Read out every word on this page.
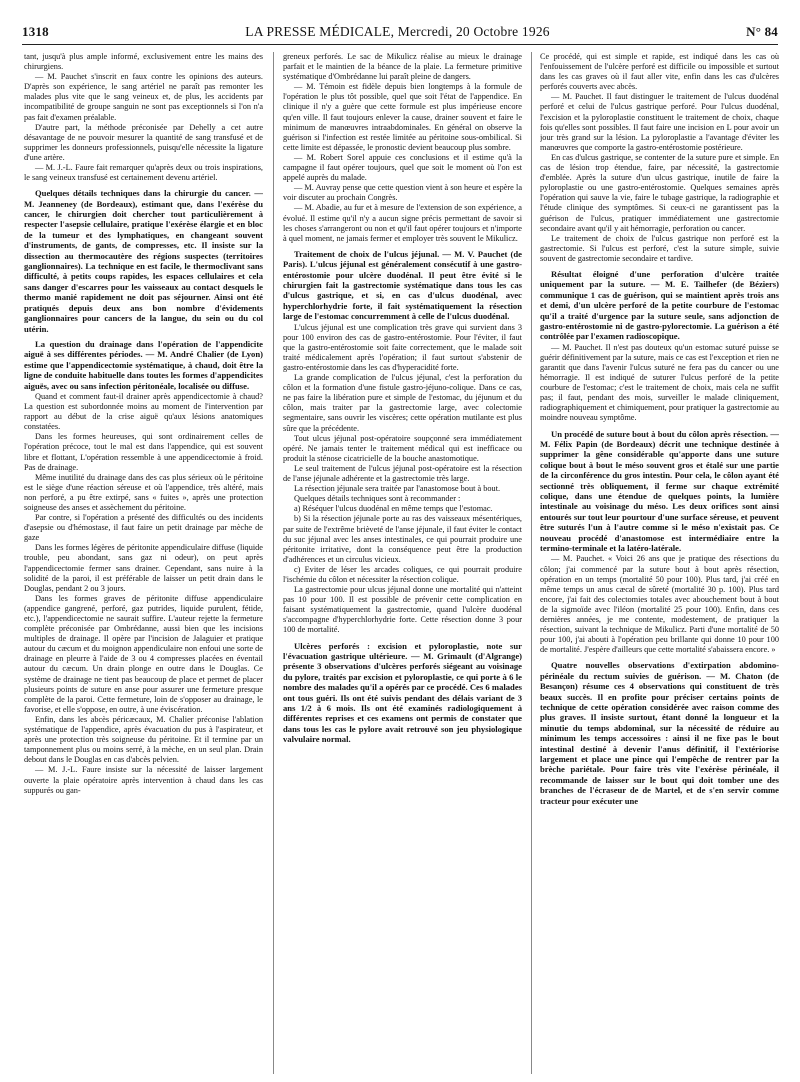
1318	LA PRESSE MÉDICALE, Mercredi, 20 Octobre 1926	N° 84

tant, jusqu'à plus ample informé, exclusivement entre les mains des chirurgiens.

— M. Pauchet s'inscrit en faux contre les opinions des auteurs. D'après son expérience, le sang artériel ne paraît pas remonter les malades plus vite que le sang veineux et, de plus, les accidents par incompatibilité de groupe sanguin ne sont pas exceptionnels si l'on n'a pas fait d'examen préalable.

D'autre part, la méthode préconisée par Dehelly a cet autre désavantage de ne pouvoir mesurer la quantité de sang transfusé et de supprimer les donneurs professionnels, puisqu'elle nécessite la ligature d'une artère.

— M. J.-L. Faure fait remarquer qu'après deux ou trois inspirations, le sang veineux transfusé est certainement devenu artériel.

Quelques détails techniques dans la chirurgie du cancer. — M. Jeanneney (de Bordeaux), estimant que, dans l'exérèse du cancer, le chirurgien doit chercher tout particulièrement à respecter l'asepsie cellulaire, pratique l'exérèse élargie et en bloc de la tumeur et des lymphatiques, en changeant souvent d'instruments, de gants, de compresses, etc. Il insiste sur la dissection au thermocautère des régions suspectes (territoires ganglionnaires). La technique en est facile, le thermoclivant sans difficulté, à petits coups rapides, les espaces cellulaires et cela sans danger d'escarres pour les vaisseaux au contact desquels le thermo manié rapidement ne doit pas séjourner. Ainsi ont été pratiqués depuis deux ans bon nombre d'évidements ganglionnaires pour cancers de la langue, du sein ou du col utérin.
La question du drainage dans l'opération de l'appendicite aiguë à ses différentes périodes. — M. André Chalier (de Lyon) estime que l'appendicectomie systématique, à chaud, doit être la ligne de conduite habituelle dans toutes les formes d'appendicites aiguës, avec ou sans infection péritonéale, localisée ou diffuse.

Quand et comment faut-il drainer après appendicectomie à chaud? La question est subordonnée moins au moment de l'intervention par rapport au début de la crise aiguë qu'aux lésions anatomiques constatées.

Dans les formes heureuses, qui sont ordinairement celles de l'opération précoce, tout le mal est dans l'appendice, qui est souvent libre et flottant, L'opération ressemble à une appendicectomie à froid. Pas de drainage.

Même inutilité du drainage dans des cas plus sérieux où le péritoine est le siège d'une réaction séreuse et où l'appendice, très altéré, mais non perforé, a pu être extirpé, sans « fuites », après une protection soigneuse des anses et assèchement du péritoine.

Par contre, si l'opération a présenté des difficultés ou des incidents d'asepsie ou d'hémostase, il faut faire un petit drainage par mèche de gaze

Dans les formes légères de péritonite appendiculaire diffuse (liquide trouble, peu abondant, sans gaz ni odeur), on peut après l'appendicectomie fermer sans drainer. Cependant, sans nuire à la solidité de la paroi, il est préférable de laisser un petit drain dans le Douglas, pendant 2 ou 3 jours.

Dans les formes graves de péritonite diffuse appendiculaire (appendice gangrené, perforé, gaz putrides, liquide purulent, fétide, etc.), l'appendicectomie ne saurait suffire. L'auteur rejette la fermeture complète préconisée par Ombrédanne, aussi bien que les incisions multiples de drainage. Il opère par l'incision de Jalaguier et pratique autour du cæcum et du moignon appendiculaire non enfoui une sorte de drainage en pleurre à l'aide de 3 ou 4 compresses placées en éventail autour du cæcum. Un drain plonge en outre dans le Douglas. Ce système de drainage ne tient pas beaucoup de place et permet de placer plusieurs points de suture en anse pour assurer une fermeture presque complète de la paroi. Cette fermeture, loin de s'opposer au drainage, le favorise, et elle s'oppose, en outre, à une éviscération.

Enfin, dans les abcès péricæcaux, M. Chalier préconise l'ablation systématique de l'appendice, après évacuation du pus à l'aspirateur, et après une protection très soigneuse du péritoine. Et il termine par un tamponnement plus ou moins serré, à la mèche, en un seul plan. Drain debout dans le Douglas en cas d'abcès pelvien.

— M. J.-L. Faure insiste sur la nécessité de laisser largement ouverte la plaie opératoire après intervention à chaud dans les cas suppurés ou gan-

greneux perforés. Le sac de Mikulicz réalise au mieux le drainage parfait et le maintien de la béance de la plaie. La fermeture primitive systématique d'Ombrédanne lui paraît pleine de dangers.

— M. Témoin est fidèle depuis bien longtemps à la formule de l'opération le plus tôt possible, quel que soit l'état de l'appendice. En clinique il n'y a guère que cette formule est plus impérieuse encore qu'en ville. Il faut toujours enlever la cause, drainer souvent et faire le minimum de manœuvres intraabdominales. En général on observe la guérison si l'infection est restée limitée au péritoine sous-ombilical. Si cette limite est dépassée, le pronostic devient beaucoup plus sombre.

— M. Robert Sorel appuie ces conclusions et il estime qu'à la campagne il faut opérer toujours, quel que soit le moment où l'on est appelé auprès du malade.

— M. Auvray pense que cette question vient à son heure et espère la voir discuter au prochain Congrès.

— M. Abadie, au fur et à mesure de l'extension de son expérience, a évolué. Il estime qu'il n'y a aucun signe précis permettant de savoir si les choses s'arrangeront ou non et qu'il faut opérer toujours et n'importe à quel moment, ne jamais fermer et employer très souvent le Mikulicz.

Traitement de choix de l'ulcus jéjunal. — M. V. Pauchet (de Paris). L'ulcus jéjunal est généralement consécutif à une gastro-entérostomie pour ulcère duodénal. Il peut être évité si le chirurgien fait la gastrectomie systématique dans tous les cas d'ulcus gastrique, et si, en cas d'ulcus duodénal, avec hyperchlorhydrie forte, il fait systématiquement la résection large de l'estomac concurremment à celle de l'ulcus duodénal.

L'ulcus jéjunal est une complication très grave qui survient dans 3 pour 100 environ des cas de gastro-entérostomie. Pour l'éviter, il faut que la gastro-entérostomie soit faite correctement, que le malade soit traité médicalement après l'opération; il faut surtout s'abstenir de gastro-entérostomie dans les cas d'hyperacidité forte.

La grande complication de l'ulcus jéjunal, c'est la perforation du côlon et la formation d'une fistule gastro-jéjuno-colique. Dans ce cas, ne pas faire la libération pure et simple de l'estomac, du jéjunum et du côlon, mais traiter par la gastrectomie large, avec colectomie segmentaire, sans ouvrir les viscères; cette opération mutilante est plus sûre que la précédente.

Tout ulcus jéjunal post-opératoire soupçonné sera immédiatement opéré. Ne jamais tenter le traitement médical qui est inefficace ou produit la sténose cicatricielle de la bouche anastomotique.

Le seul traitement de l'ulcus jéjunal post-opératoire est la résection de l'anse jéjunale adhérente et la gastrectomie très large.

La résection jéjunale sera traitée par l'anastomose bout à bout.

Quelques détails techniques sont à recommander :

a) Réséquer l'ulcus duodénal en même temps que l'estomac.

b) Si la résection jéjunale porte au ras des vaisseaux mésentériques, par suite de l'extrême brièveté de l'anse jéjunale, il faut éviter le contact du suc jéjunal avec les anses intestinales, ce qui pourrait produire une péritonite irritative, dont la conséquence peut être la production d'adhérences et un circulus vicieux.

c) Eviter de léser les arcades coliques, ce qui pourrait produire l'ischémie du côlon et nécessiter la résection colique.

La gastrectomie pour ulcus jéjunal donne une mortalité qui n'atteint pas 10 pour 100. Il est possible de prévenir cette complication en faisant systématiquement la gastrectomie, quand l'ulcère duodénal s'accompagne d'hyperchlorhydrie forte. Cette résection donne 3 pour 100 de mortalité.

Ulcères perforés : excision et pyloroplastie, note sur l'évacuation gastrique ultérieure. — M. Grimault (d'Algrange) présente 3 observations d'ulcères perforés siégeant au voisinage du pylore, traités par excision et pyloroplastie, ce qui porte à 6 le nombre des malades qu'il a opérés par ce procédé. Ces 6 malades ont tous guéri. Ils ont été suivis pendant des délais variant de 3 ans 1/2 à 6 mois. Ils ont été examinés radiologiquement à différentes reprises et ces examens ont permis de constater que dans tous les cas le pylore avait retrouvé son jeu physiologique valvulaire normal.

Ce procédé, qui est simple et rapide, est indiqué dans les cas où l'enfouissement de l'ulcère perforé est difficile ou impossible et surtout dans les cas graves où il faut aller vite, enfin dans les cas d'ulcères perforés couverts avec abcès.

— M. Pauchet. Il faut distinguer le traitement de l'ulcus duodénal perforé et celui de l'ulcus gastrique perforé. Pour l'ulcus duodénal, l'excision et la pyloroplastie constituent le traitement de choix, chaque fois qu'elles sont possibles. Il faut faire une incision en L pour avoir un jour très grand sur la lésion. La pyloroplastie a l'avantage d'éviter les manœuvres que comporte la gastro-entérostomie postérieure.

En cas d'ulcus gastrique, se contenter de la suture pure et simple. En cas de lésion trop étendue, faire, par nécessité, la gastrectomie d'emblée. Après la suture d'un ulcus gastrique, inutile de faire la pyloroplastie ou une gastro-entérostomie. Quelques semaines après l'opération qui sauve la vie, faire le tubage gastrique, la radiographie et l'étude clinique des symptômes. Si ceux-ci ne garantissent pas la guérison de l'ulcus, pratiquer immédiatement une gastrectomie secondaire avant qu'il y ait hémorragie, perforation ou cancer.

Le traitement de choix de l'ulcus gastrique non perforé est la gastrectomie. Si l'ulcus est perforé, c'est la suture simple, suivie souvent de gastrectomie secondaire et tardive.

Résultat éloigné d'une perforation d'ulcère traitée uniquement par la suture. — M. E. Tailhefer (de Béziers) communique 1 cas de guérison, qui se maintient après trois ans et demi, d'un ulcère perforé de la petite courbure de l'estomac qu'il a traité d'urgence par la suture seule, sans adjonction de gastro-entérostomie ni de gastro-pylorectomie. La guérison a été contrôlée par l'examen radioscopique.

— M. Pauchet. Il n'est pas douteux qu'un estomac suturé puisse se guérir définitivement par la suture, mais ce cas est l'exception et rien ne garantit que dans l'avenir l'ulcus suturé ne fera pas du cancer ou une hémorragie. Il est indiqué de suturer l'ulcus perforé de la petite courbure de l'estomac; c'est le traitement de choix, mais cela ne suffit pas; il faut, pendant des mois, surveiller le malade cliniquement, radiographiquement et chimiquement, pour pratiquer la gastrectomie au moindre nouveau symptôme.

Un procédé de suture bout à bout du côlon après résection. — M. Félix Papin (de Bordeaux) décrit une technique destinée à supprimer la gêne considérable qu'apporte dans une suture colique bout à bout le méso souvent gros et étalé sur une partie de la circonférence du gros intestin. Pour cela, le côlon ayant été sectionné très obliquement, il ferme sur chaque extrémité colique, dans une étendue de quelques points, la lumière intestinale au voisinage du méso. Les deux orifices sont ainsi entourés sur tout leur pourtour d'une surface séreuse, et peuvent être suturés l'un à l'autre comme si le méso n'existait pas. Ce nouveau procédé d'anastomose est intermédiaire entre la termino-terminale et la latéro-latérale.

— M. Pauchet. « Voici 26 ans que je pratique des résections du côlon; j'ai commencé par la suture bout à bout après résection, opération en un temps (mortalité 50 pour 100). Plus tard, j'ai créé en même temps un anus cæcal de sûreté (mortalité 30 p. 100). Plus tard encore, j'ai fait des colectomies totales avec abouchement bout à bout de la sigmoïde avec l'iléon (mortalité 25 pour 100). Enfin, dans ces dernières années, je me contente, modestement, de pratiquer la résection, suivant la technique de Mikulicz. Parti d'une mortalité de 50 pour 100, j'ai abouti à l'opération peu brillante qui donne 10 pour 100 de mortalité. J'espère d'ailleurs que cette mortalité s'abaissera encore. »

Quatre nouvelles observations d'extirpation abdomino-périnéale du rectum suivies de guérison. — M. Chaton (de Besançon) résume ces 4 observations qui constituent de très beaux succès. Il en profite pour préciser certains points de technique de cette opération considérée avec raison comme des plus graves. Il insiste surtout, étant donné la longueur et la minutie du temps abdominal, sur la nécessité de réduire au minimum les temps accessoires : ainsi il ne fixe pas le bout intestinal destiné à devenir l'anus définitif, il l'extériorise largement et place une pince qui l'empêche de rentrer par la brèche pariétale. Pour faire très vite l'exérèse périnéale, il recommande de laisser sur le bout qui doit tomber une des branches de l'écraseur de de Martel, et de s'en servir comme tracteur pour exécuter une
